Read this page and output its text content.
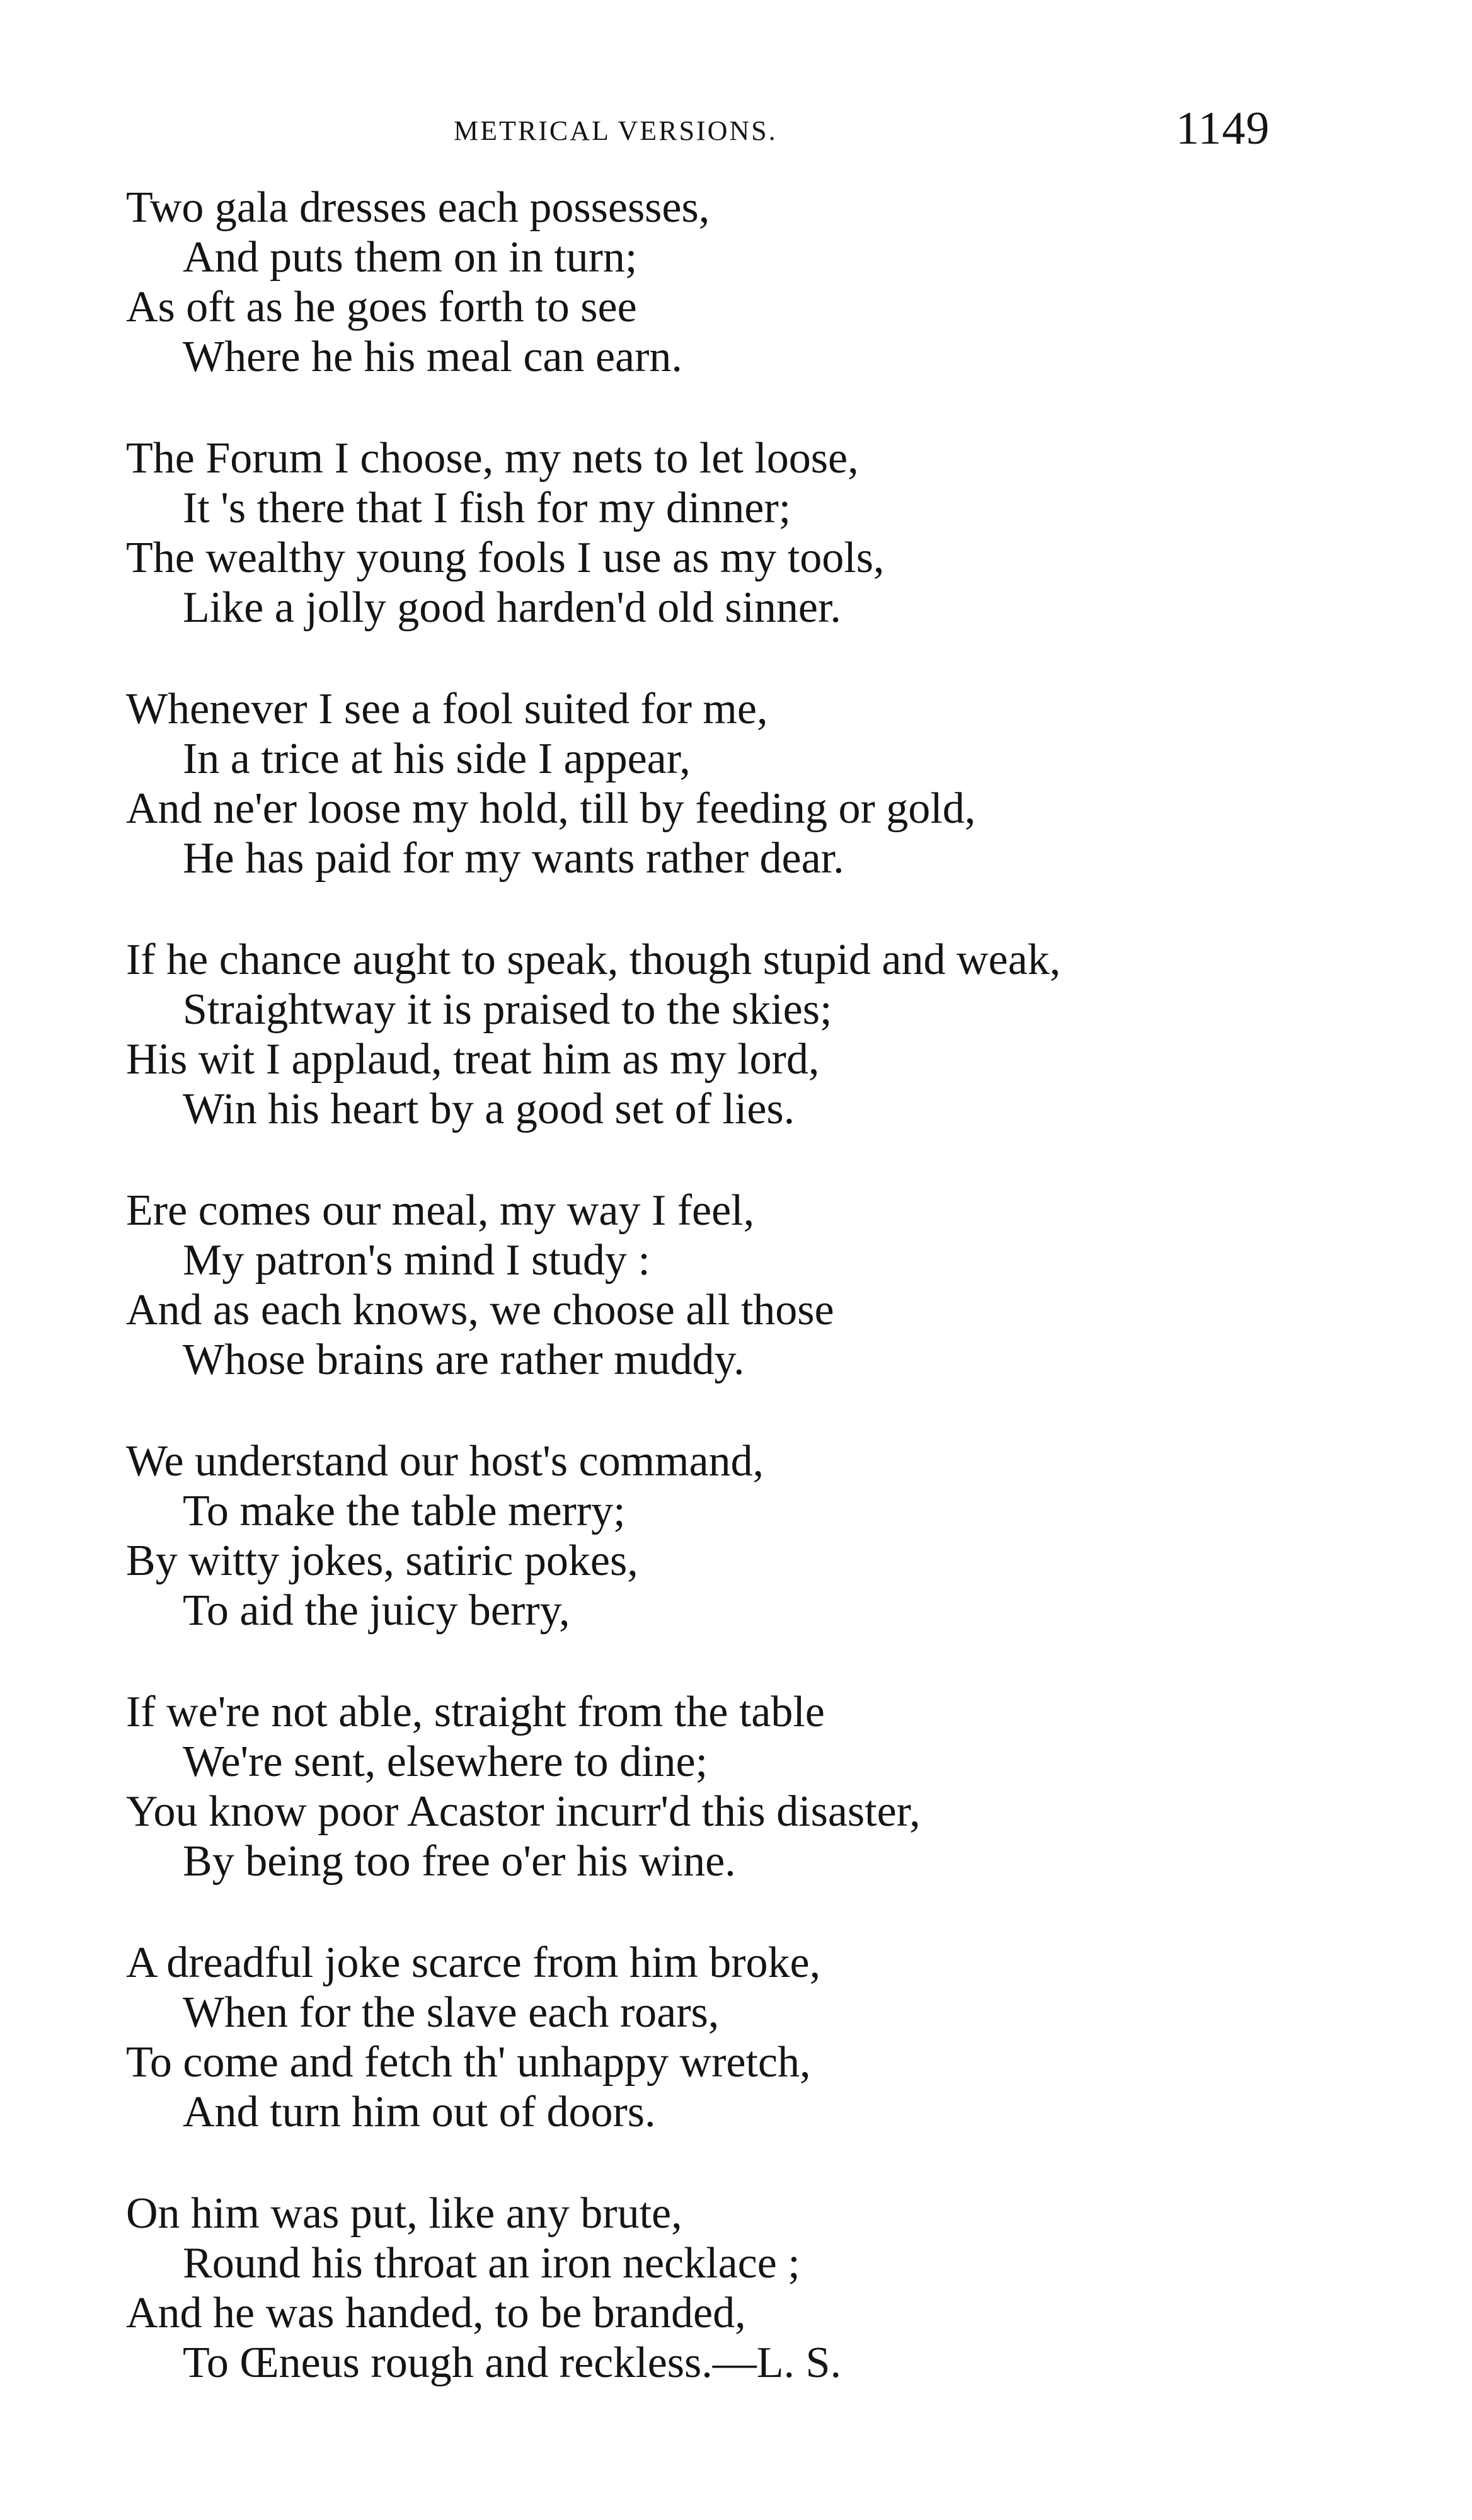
METRICAL VERSIONS.	1149
Two gala dresses each possesses,
And puts them on in turn;
As oft as he goes forth to see
Where he his meal can earn.
The Forum I choose, my nets to let loose,
It 's there that I fish for my dinner;
The wealthy young fools I use as my tools,
Like a jolly good harden'd old sinner.
Whenever I see a fool suited for me,
In a trice at his side I appear,
And ne'er loose my hold, till by feeding or gold,
He has paid for my wants rather dear.
If he chance aught to speak, though stupid and weak,
Straightway it is praised to the skies;
His wit I applaud, treat him as my lord,
Win his heart by a good set of lies.
Ere comes our meal, my way I feel,
My patron's mind I study :
And as each knows, we choose all those
Whose brains are rather muddy.
We understand our host's command,
To make the table merry;
By witty jokes, satiric pokes,
To aid the juicy berry,
If we're not able, straight from the table
We're sent, elsewhere to dine;
You know poor Acastor incurr'd this disaster,
By being too free o'er his wine.
A dreadful joke scarce from him broke,
When for the slave each roars,
To come and fetch th' unhappy wretch,
And turn him out of doors.
On him was put, like any brute,
Round his throat an iron necklace ;
And he was handed, to be branded,
To Œneus rough and reckless.—L. S.
